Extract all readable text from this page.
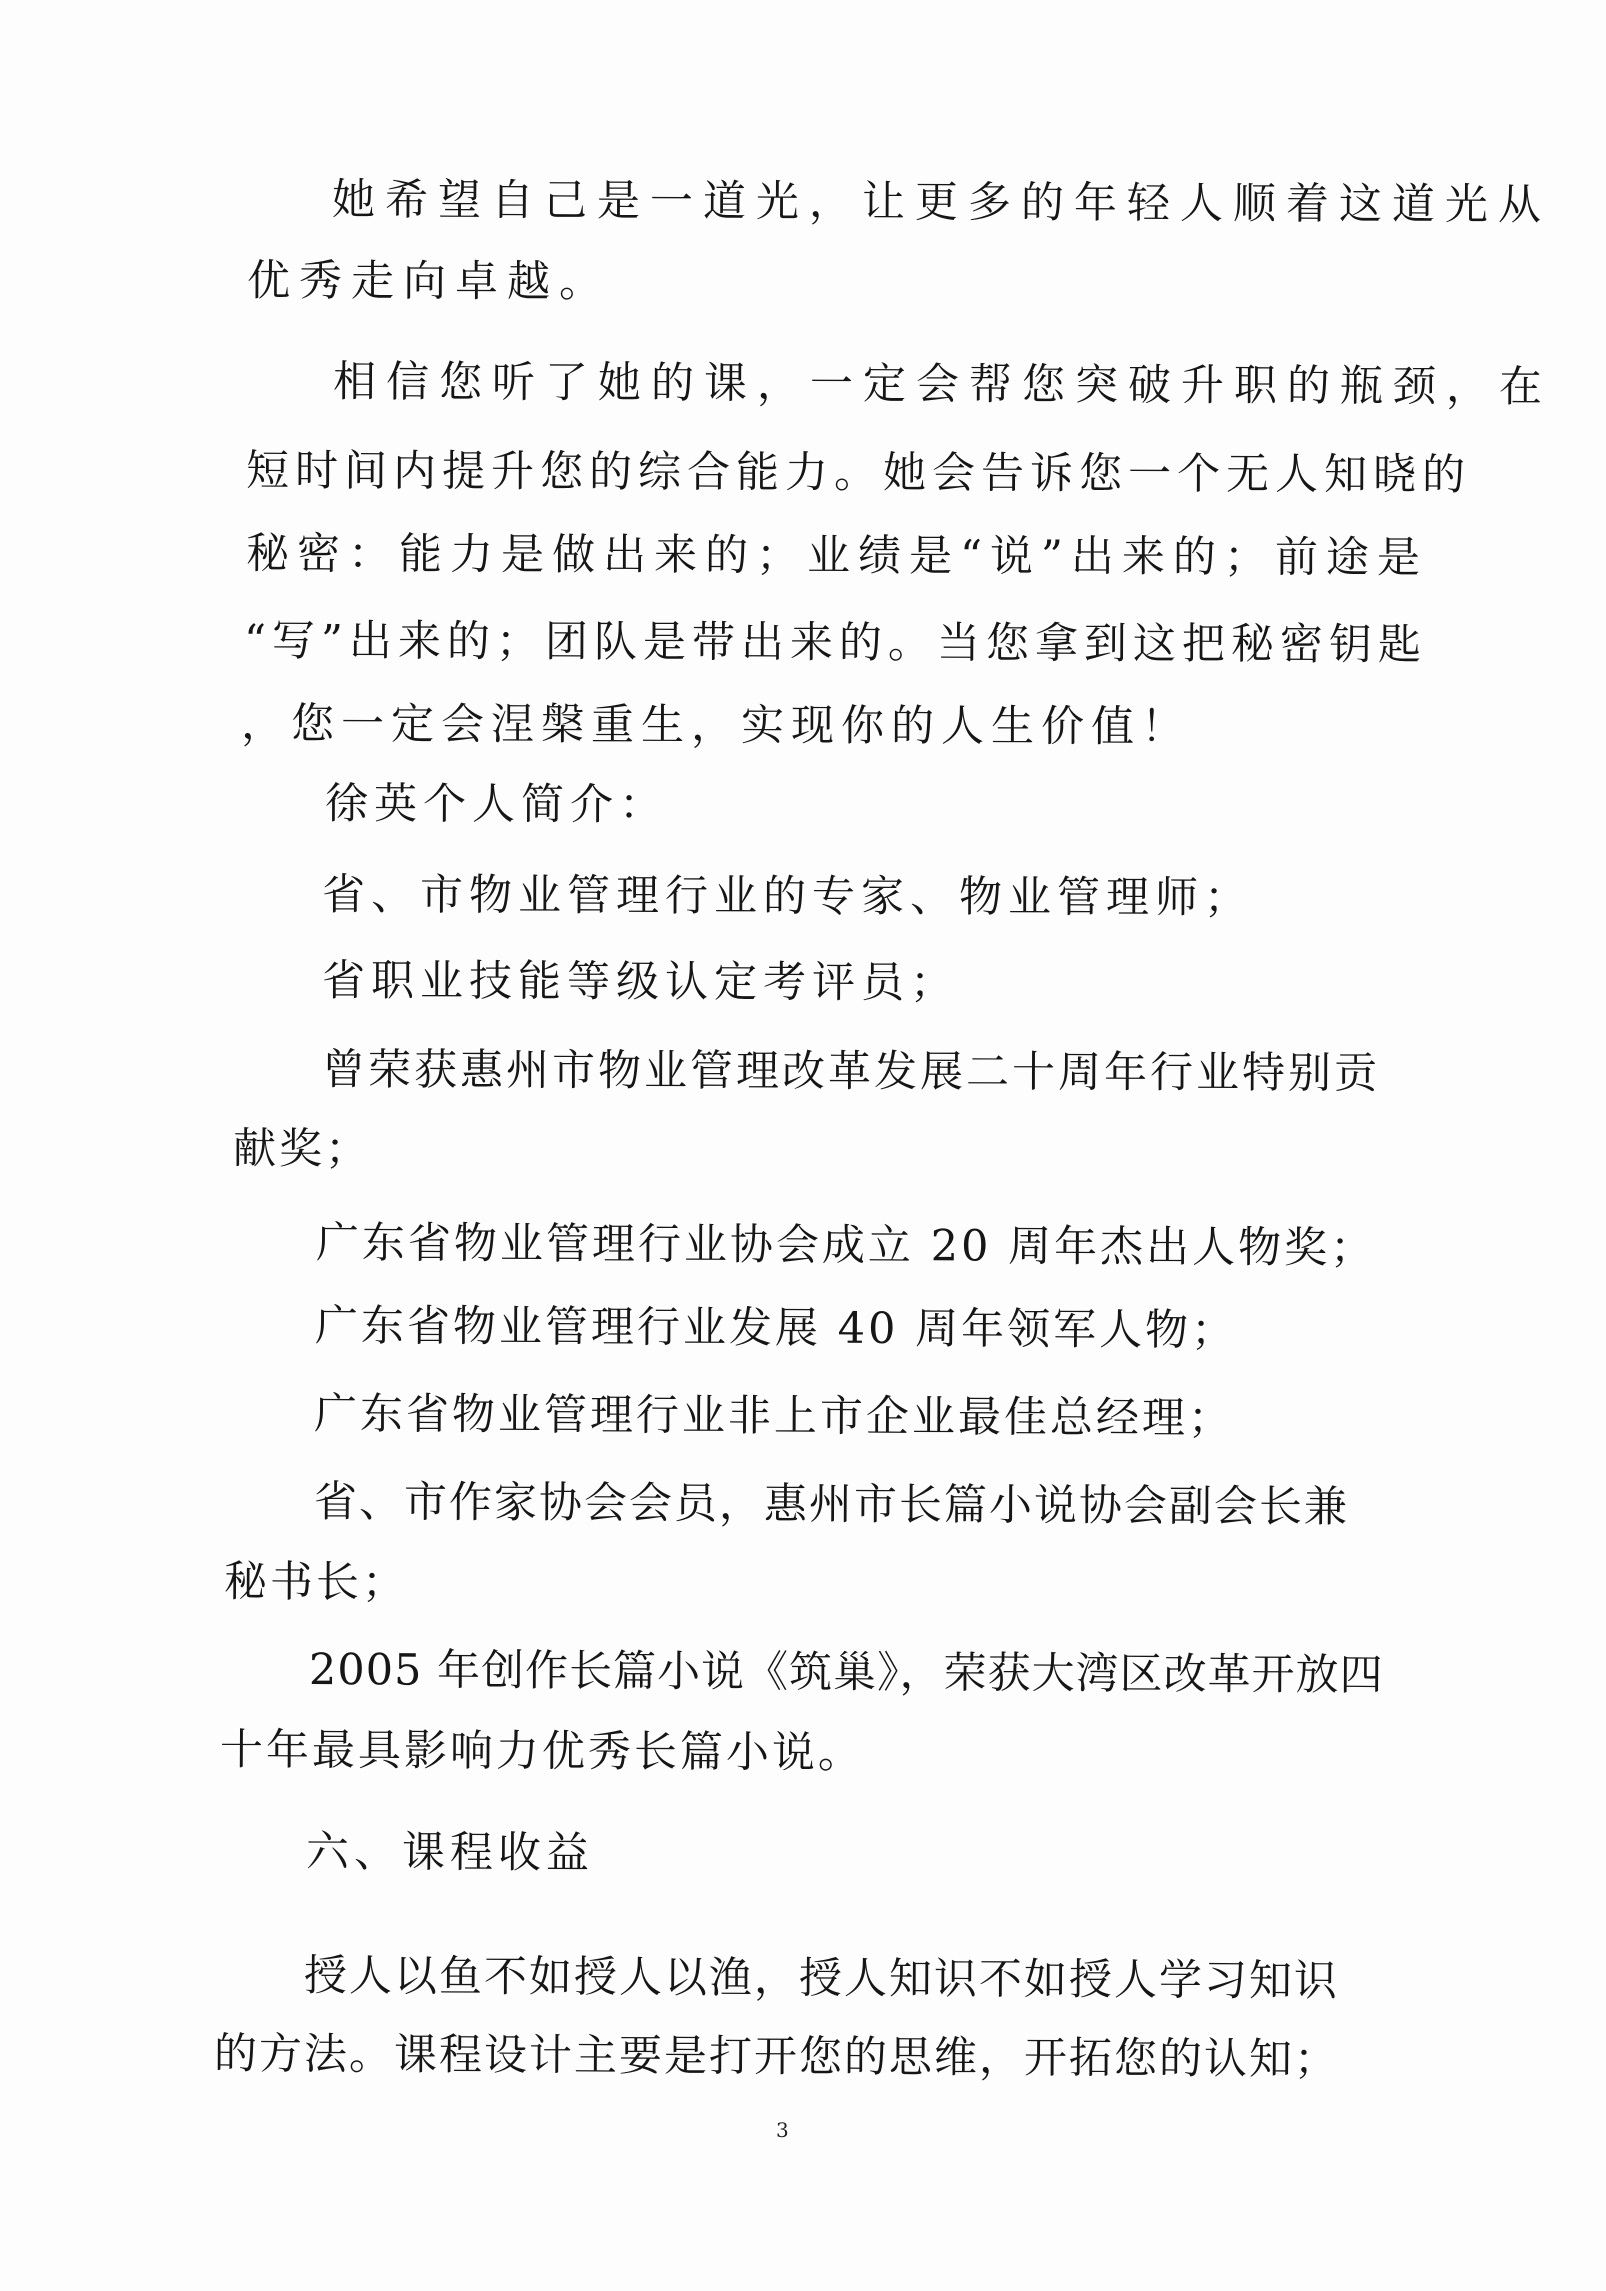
她希望自己是一道光，让更多的年轻人顺着这道光从
优秀走向卓越。
相信您听了她的课，一定会帮您突破升职的瓶颈，在
短时间内提升您的综合能力。她会告诉您一个无人知晓的
秘密：能力是做出来的；业绩是“说”出来的；前途是
“写”出来的；团队是带出来的。当您拿到这把秘密钥匙
，您一定会涅槃重生，实现你的人生价值！
徐英个人简介：
省、市物业管理行业的专家、物业管理师；
省职业技能等级认定考评员；
曾荣获惠州市物业管理改革发展二十周年行业特别贡
献奖；
广东省物业管理行业协会成立 20 周年杰出人物奖；
广东省物业管理行业发展 40 周年领军人物；
广东省物业管理行业非上市企业最佳总经理；
省、市作家协会会员，惠州市长篇小说协会副会长兼
秘书长；
2005 年创作长篇小说《筑巢》，荣获大湾区改革开放四
十年最具影响力优秀长篇小说。
六、课程收益
授人以鱼不如授人以渔，授人知识不如授人学习知识
的方法。课程设计主要是打开您的思维，开拓您的认知；
3
